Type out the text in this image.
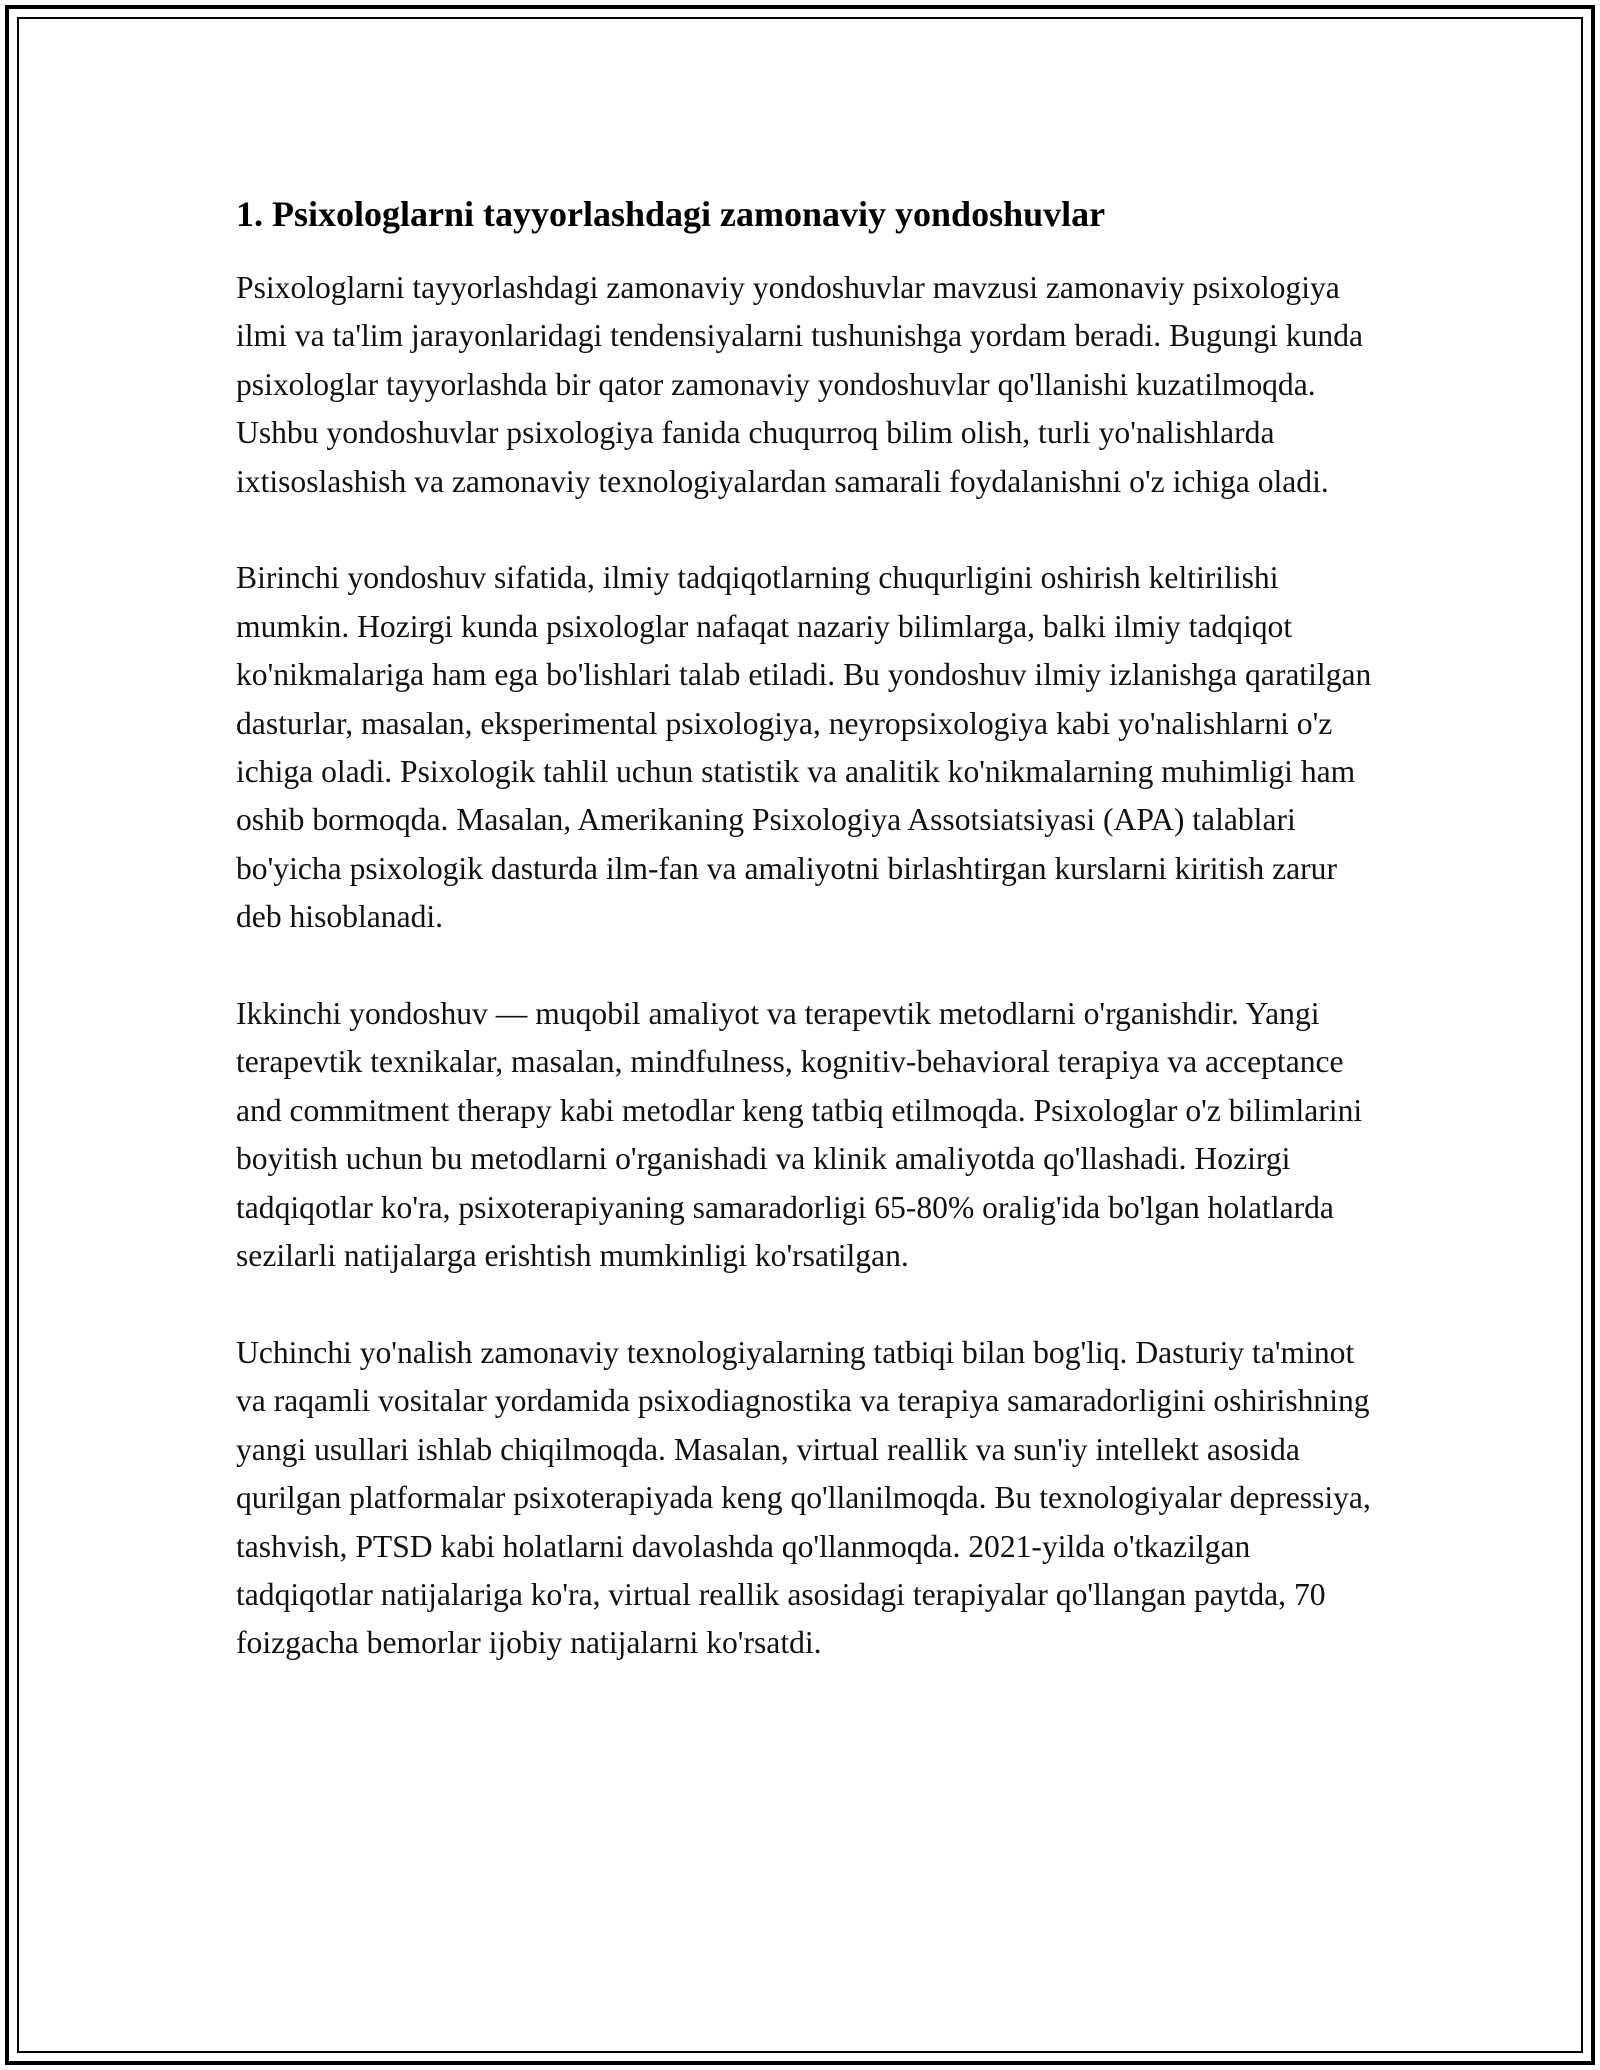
1. Psixologlarni tayyorlashdagi zamonaviy yondoshuvlar

Psixologlarni tayyorlashdagi zamonaviy yondoshuvlar mavzusi zamonaviy psixologiya ilmi va ta'lim jarayonlaridagi tendensiyalarni tushunishga yordam beradi. Bugungi kunda psixologlar tayyorlashda bir qator zamonaviy yondoshuvlar qo'llanishi kuzatilmoqda. Ushbu yondoshuvlar psixologiya fanida chuqurroq bilim olish, turli yo'nalishlarda ixtisoslashish va zamonaviy texnologiyalardan samarali foydalanishni o'z ichiga oladi.

Birinchi yondoshuv sifatida, ilmiy tadqiqotlarning chuqurligini oshirish keltirilishi mumkin. Hozirgi kunda psixologlar nafaqat nazariy bilimlarga, balki ilmiy tadqiqot ko'nikmalariga ham ega bo'lishlari talab etiladi. Bu yondoshuv ilmiy izlanishga qaratilgan dasturlar, masalan, eksperimental psixologiya, neyropsixologiya kabi yo'nalishlarni o'z ichiga oladi. Psixologik tahlil uchun statistik va analitik ko'nikmalarning muhimligi ham oshib bormoqda. Masalan, Amerikaning Psixologiya Assotsiatsiyasi (APA) talablari bo'yicha psixologik dasturda ilm-fan va amaliyotni birlashtirgan kurslarni kiritish zarur deb hisoblanadi.

Ikkinchi yondoshuv — muqobil amaliyot va terapevtik metodlarni o'rganishdir. Yangi terapevtik texnikalar, masalan, mindfulness, kognitiv-behavioral terapiya va acceptance and commitment therapy kabi metodlar keng tatbiq etilmoqda. Psixologlar o'z bilimlarini boyitish uchun bu metodlarni o'rganishadi va klinik amaliyotda qo'llashadi. Hozirgi tadqiqotlar ko'ra, psixoterapiyaning samaradorligi 65-80% oralig'ida bo'lgan holatlarda sezilarli natijalarga erishtish mumkinligi ko'rsatilgan.

Uchinchi yo'nalish zamonaviy texnologiyalarning tatbiqi bilan bog'liq. Dasturiy ta'minot va raqamli vositalar yordamida psixodiagnostika va terapiya samaradorligini oshirishning yangi usullari ishlab chiqilmoqda. Masalan, virtual reallik va sun'iy intellekt asosida qurilgan platformalar psixoterapiyada keng qo'llanilmoqda. Bu texnologiyalar depressiya, tashvish, PTSD kabi holatlarni davolashda qo'llanmoqda. 2021-yilda o'tkazilgan tadqiqotlar natijalariga ko'ra, virtual reallik asosidagi terapiyalar qo'llangan paytda, 70 foizgacha bemorlar ijobiy natijalarni ko'rsatdi.
